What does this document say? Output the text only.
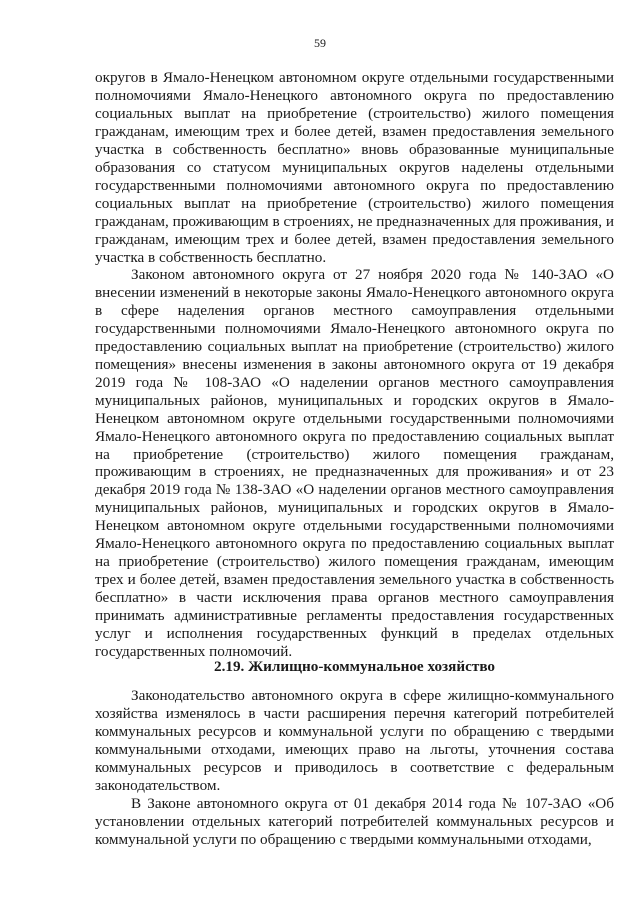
59

округов в Ямало-Ненецком автономном округе отдельными государственными полномочиями Ямало-Ненецкого автономного округа по предоставлению социальных выплат на приобретение (строительство) жилого помещения гражданам, имеющим трех и более детей, взамен предоставления земельного участка в собственность бесплатно» вновь образованные муниципальные образования со статусом муниципальных округов наделены отдельными государственными полномочиями автономного округа по предоставлению социальных выплат на приобретение (строительство) жилого помещения гражданам, проживающим в строениях, не предназначенных для проживания, и гражданам, имеющим трех и более детей, взамен предоставления земельного участка в собственность бесплатно.

Законом автономного округа от 27 ноября 2020 года № 140-ЗАО «О внесении изменений в некоторые законы Ямало-Ненецкого автономного округа в сфере наделения органов местного самоуправления отдельными государственными полномочиями Ямало-Ненецкого автономного округа по предоставлению социальных выплат на приобретение (строительство) жилого помещения» внесены изменения в законы автономного округа от 19 декабря 2019 года № 108-ЗАО «О наделении органов местного самоуправления муниципальных районов, муниципальных и городских округов в Ямало-Ненецком автономном округе отдельными государственными полномочиями Ямало-Ненецкого автономного округа по предоставлению социальных выплат на приобретение (строительство) жилого помещения гражданам, проживающим в строениях, не предназначенных для проживания» и от 23 декабря 2019 года № 138-ЗАО «О наделении органов местного самоуправления муниципальных районов, муниципальных и городских округов в Ямало-Ненецком автономном округе отдельными государственными полномочиями Ямало-Ненецкого автономного округа по предоставлению социальных выплат на приобретение (строительство) жилого помещения гражданам, имеющим трех и более детей, взамен предоставления земельного участка в собственность бесплатно» в части исключения права органов местного самоуправления принимать административные регламенты предоставления государственных услуг и исполнения государственных функций в пределах отдельных государственных полномочий.

2.19. Жилищно-коммунальное хозяйство

Законодательство автономного округа в сфере жилищно-коммунального хозяйства изменялось в части расширения перечня категорий потребителей коммунальных ресурсов и коммунальной услуги по обращению с твердыми коммунальными отходами, имеющих право на льготы, уточнения состава коммунальных ресурсов и приводилось в соответствие с федеральным законодательством.

В Законе автономного округа от 01 декабря 2014 года № 107-ЗАО «Об установлении отдельных категорий потребителей коммунальных ресурсов и коммунальной услуги по обращению с твердыми коммунальными отходами,
